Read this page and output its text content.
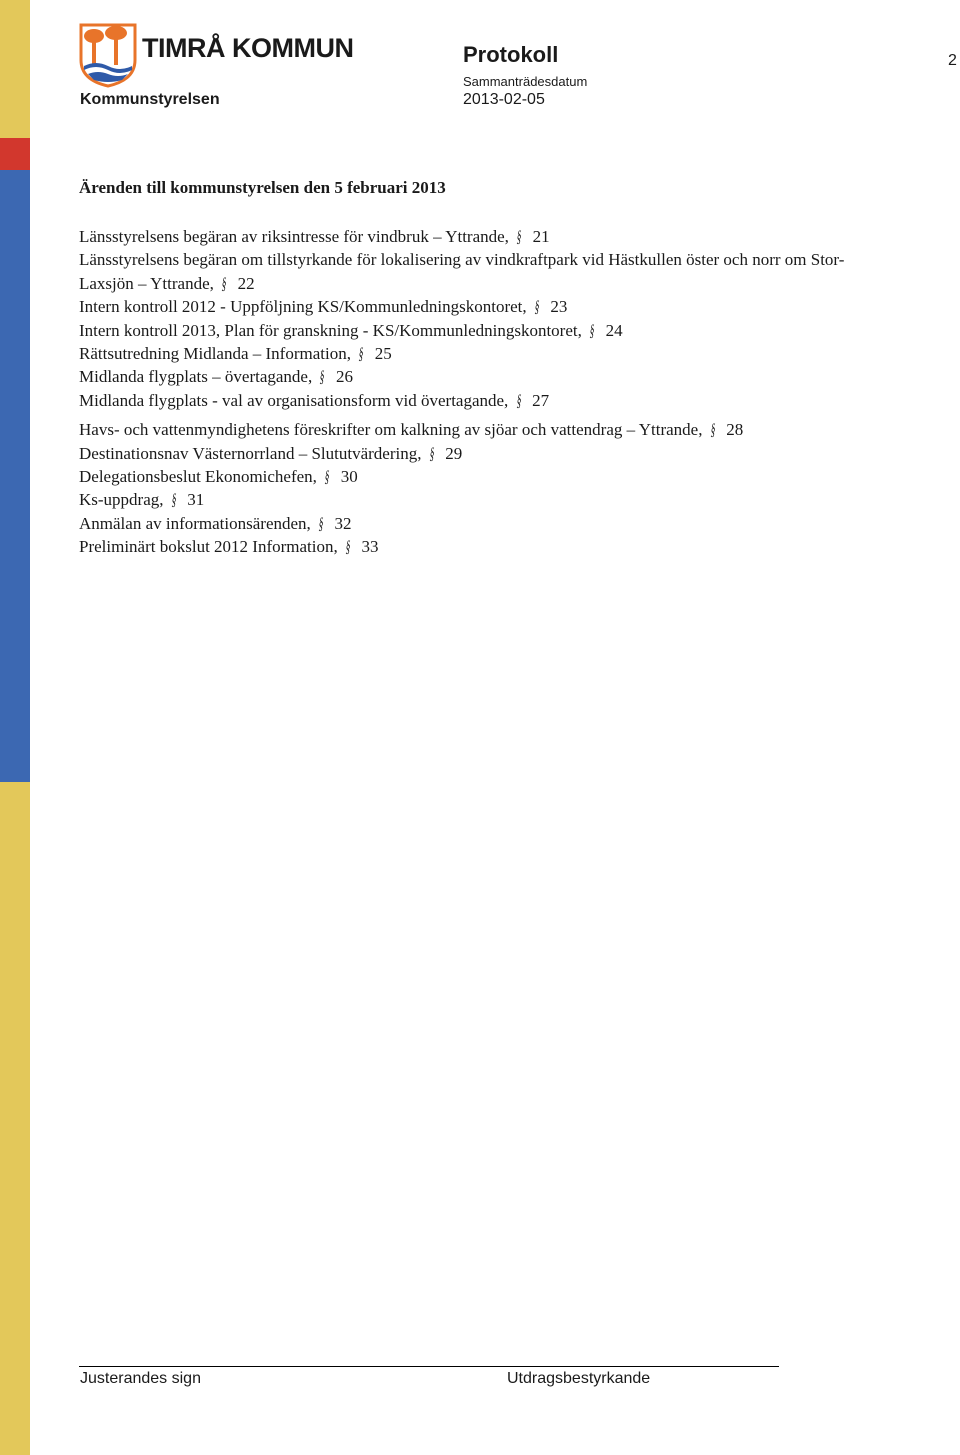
TIMRÅ KOMMUN	Protokoll
Sammanträdesdatum
2013-02-05
Kommunstyrelsen
2
Ärenden till kommunstyrelsen den 5 februari 2013
Länsstyrelsens begäran av riksintresse för vindbruk – Yttrande, § 21
Länsstyrelsens begäran om tillstyrkande för lokalisering av vindkraftpark vid Hästkullen öster och norr om Stor-Laxsjön – Yttrande, § 22
Intern kontroll 2012 - Uppföljning KS/Kommunledningskontoret, § 23
Intern kontroll 2013, Plan för granskning - KS/Kommunledningskontoret, § 24
Rättsutredning Midlanda – Information, § 25
Midlanda flygplats – övertagande, § 26
Midlanda flygplats - val av organisationsform vid övertagande, § 27
Havs- och vattenmyndighetens föreskrifter om kalkning av sjöar och vattendrag – Yttrande, § 28
Destinationsnav Västernorrland – Slututvärdering, § 29
Delegationsbeslut Ekonomichefen, § 30
Ks-uppdrag, § 31
Anmälan av informationsärenden, § 32
Preliminärt bokslut 2012 Information, § 33
Justerandes sign	Utdragsbestyrkande
